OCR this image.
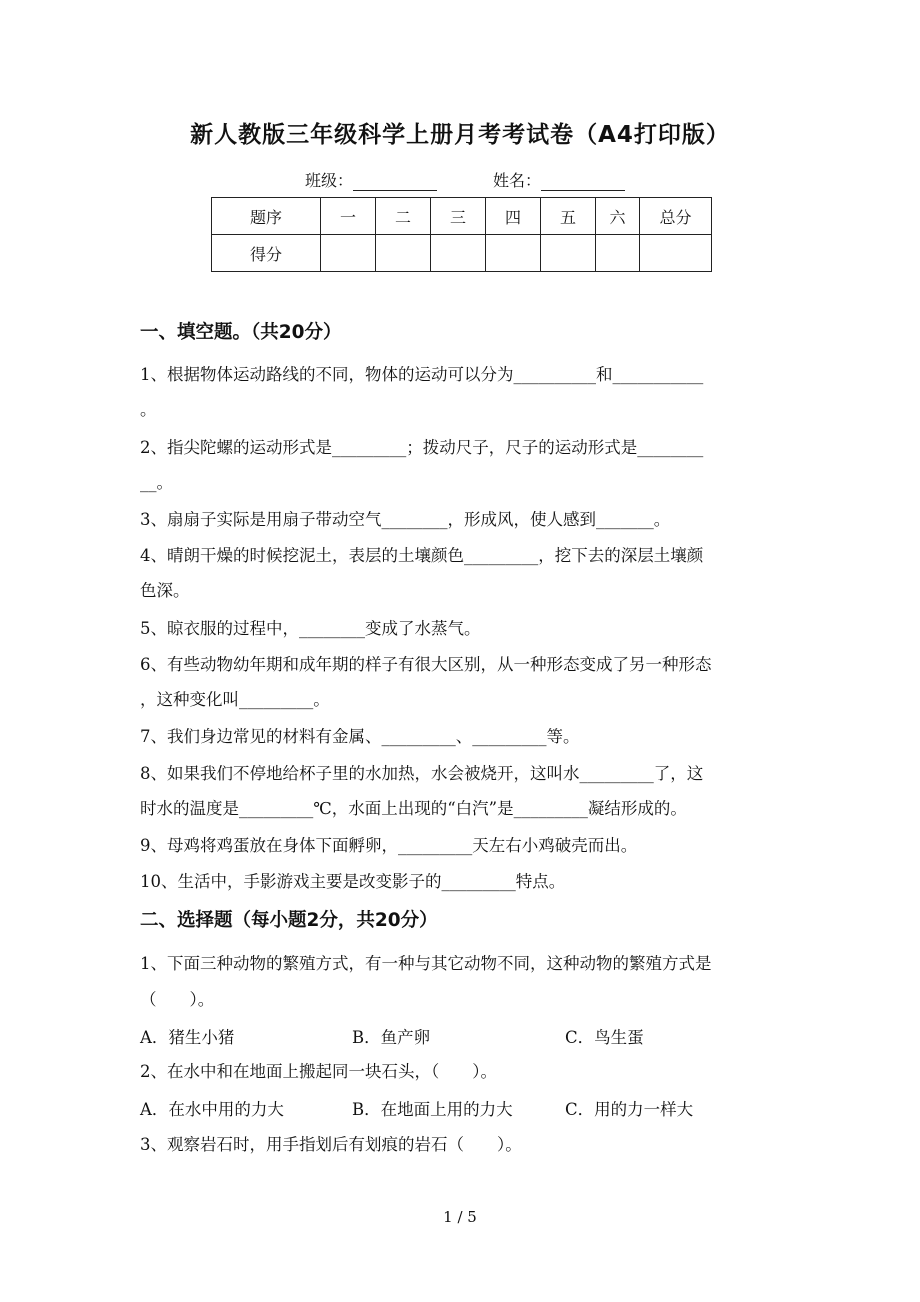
新人教版三年级科学上册月考考试卷（A4打印版）
班级：	姓名：
题序	一	二	三	四	五	六	总分
得分							
一、填空题。（共20分）
1、根据物体运动路线的不同，物体的运动可以分为__________和___________
。
2、指尖陀螺的运动形式是_________；拨动尺子，尺子的运动形式是________
__。
3、扇扇子实际是用扇子带动空气________，形成风，使人感到_______。
4、晴朗干燥的时候挖泥土，表层的土壤颜色_________，挖下去的深层土壤颜
色深。
5、晾衣服的过程中，________变成了水蒸气。
6、有些动物幼年期和成年期的样子有很大区别，从一种形态变成了另一种形态
，这种变化叫_________。
7、我们身边常见的材料有金属、_________、_________等。
8、如果我们不停地给杯子里的水加热，水会被烧开，这叫水_________了，这
时水的温度是_________℃，水面上出现的“白汽”是_________凝结形成的。
9、母鸡将鸡蛋放在身体下面孵卵，_________天左右小鸡破壳而出。
10、生活中，手影游戏主要是改变影子的_________特点。
二、选择题（每小题2分，共20分）
1、下面三种动物的繁殖方式，有一种与其它动物不同，这种动物的繁殖方式是
（　　）。
A．猪生小猪	B．鱼产卵	C．鸟生蛋
2、在水中和在地面上搬起同一块石头，（　　）。
A．在水中用的力大	B．在地面上用的力大	C．用的力一样大
3、观察岩石时，用手指划后有划痕的岩石（　　）。
1 / 5
